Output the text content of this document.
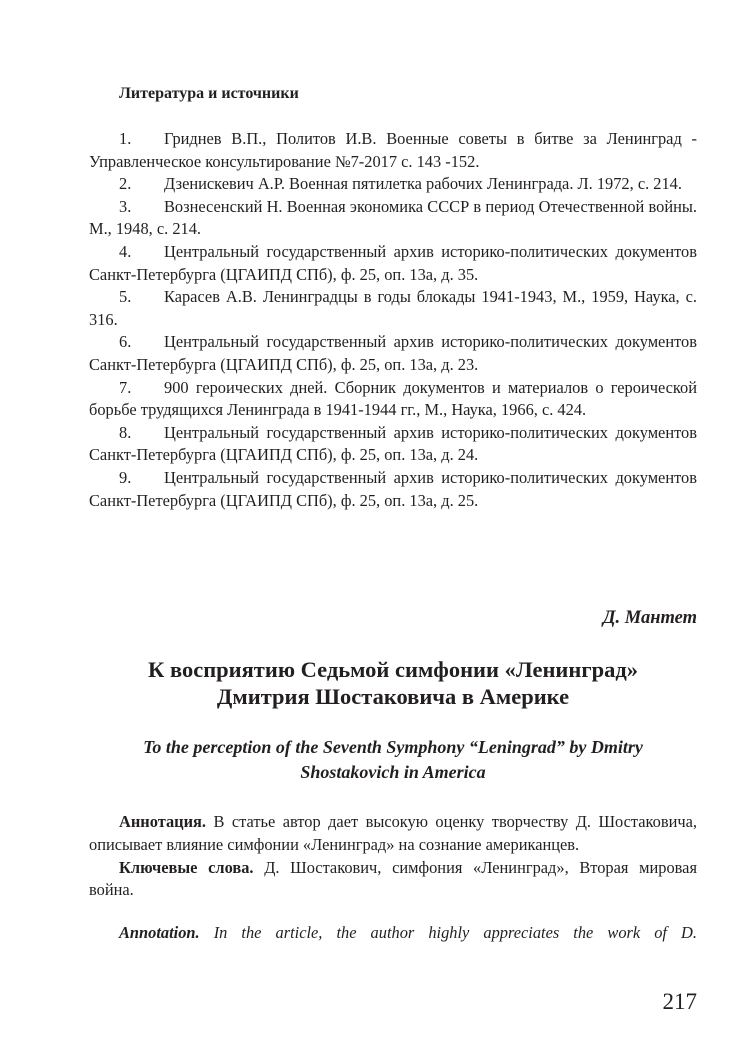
Литература и источники

1. Гриднев В.П., Политов И.В. Военные советы в битве за Ленинград - Управленческое консультирование №7-2017 с. 143 -152.

2. Дзенискевич А.Р. Военная пятилетка рабочих Ленинграда. Л. 1972, с. 214.

3. Вознесенский Н. Военная экономика СССР в период Отечественной войны. М., 1948, с. 214.

4. Центральный государственный архив историко-политических документов Санкт-Петербурга (ЦГАИПД СПб), ф. 25, оп. 13а, д. 35.

5. Карасев А.В. Ленинградцы в годы блокады 1941-1943, М., 1959, Наука, с. 316.

6. Центральный государственный архив историко-политических документов Санкт-Петербурга (ЦГАИПД СПб), ф. 25, оп. 13а, д. 23.

7. 900 героических дней. Сборник документов и материалов о героической борьбе трудящихся Ленинграда в 1941-1944 гг., М., Наука, 1966, с. 424.

8. Центральный государственный архив историко-политических документов Санкт-Петербурга (ЦГАИПД СПб), ф. 25, оп. 13а, д. 24.

9. Центральный государственный архив историко-политических документов Санкт-Петербурга (ЦГАИПД СПб), ф. 25, оп. 13а, д. 25.

Д. Мантет
К восприятию Седьмой симфонии «Ленинград»
Дмитрия Шостаковича в Америке
To the perception of the Seventh Symphony “Leningrad” by Dmitry
Shostakovich in America

Аннотация. В статье автор дает высокую оценку творчеству Д. Шостаковича, описывает влияние симфонии «Ленинград» на сознание американцев.

Ключевые слова. Д. Шостакович, симфония «Ленинград», Вторая мировая война.

Annotation. In the article, the author highly appreciates the work of D.

217
